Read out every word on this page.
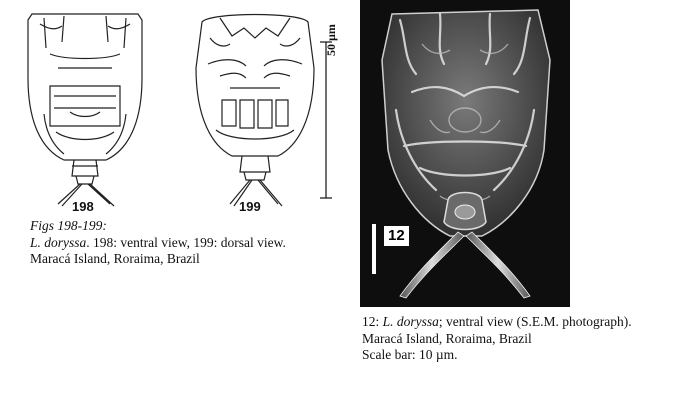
198	199
50 µm
Figs 198-199:
L. doryssa. 198: ventral view, 199: dorsal view.
Maracá Island, Roraima, Brazil
12
12: L. doryssa; ventral view (S.E.M. photograph).
Maracá Island, Roraima, Brazil
Scale bar: 10 µm.
